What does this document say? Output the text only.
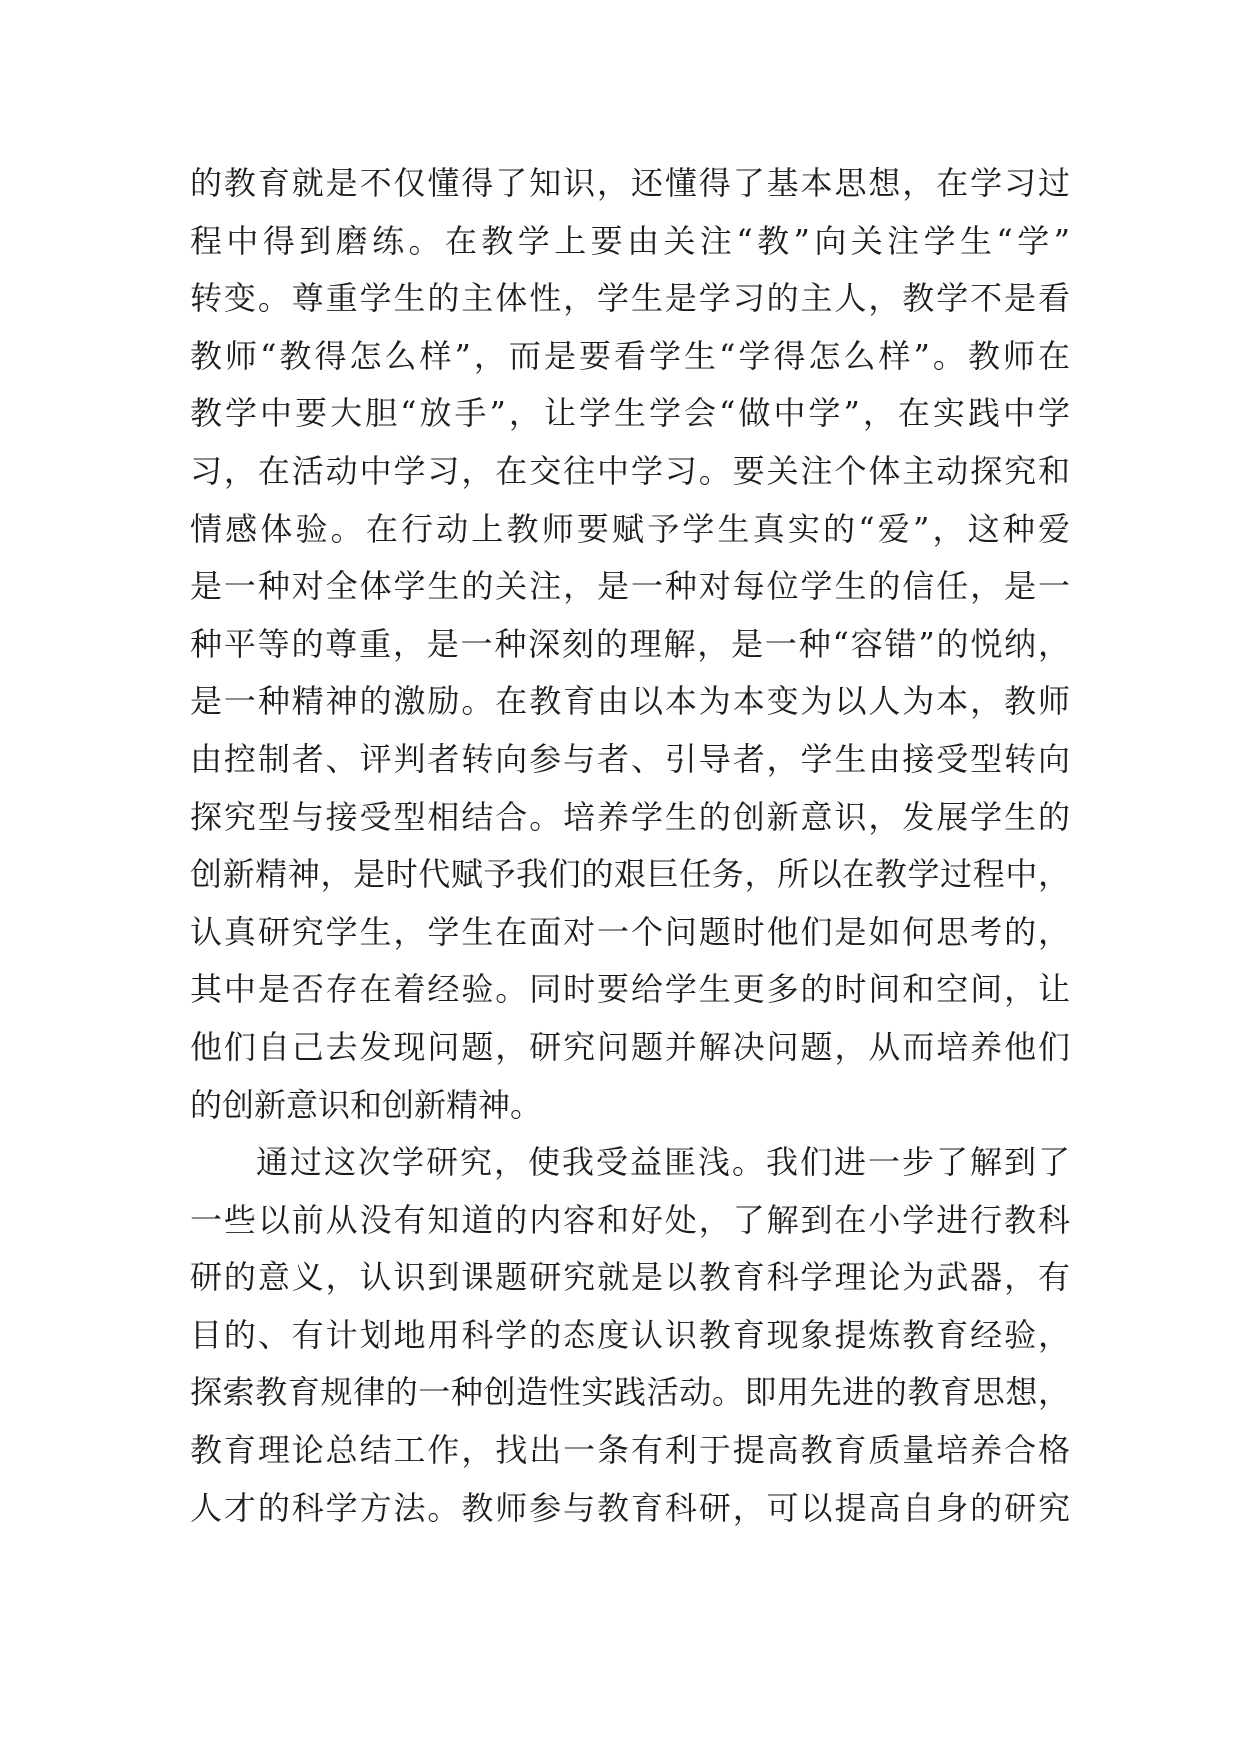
的教育就是不仅懂得了知识，还懂得了基本思想，在学习过
程中得到磨练。在教学上要由关注“教”向关注学生“学”
转变。尊重学生的主体性，学生是学习的主人，教学不是看
教师“教得怎么样”，而是要看学生“学得怎么样”。教师在
教学中要大胆“放手”，让学生学会“做中学”，在实践中学
习，在活动中学习，在交往中学习。要关注个体主动探究和
情感体验。在行动上教师要赋予学生真实的“爱”，这种爱
是一种对全体学生的关注，是一种对每位学生的信任，是一
种平等的尊重，是一种深刻的理解，是一种“容错”的悦纳，
是一种精神的激励。在教育由以本为本变为以人为本，教师
由控制者、评判者转向参与者、引导者，学生由接受型转向
探究型与接受型相结合。培养学生的创新意识，发展学生的
创新精神，是时代赋予我们的艰巨任务，所以在教学过程中，
认真研究学生，学生在面对一个问题时他们是如何思考的，
其中是否存在着经验。同时要给学生更多的时间和空间，让
他们自己去发现问题，研究问题并解决问题，从而培养他们
的创新意识和创新精神。
通过这次学研究，使我受益匪浅。我们进一步了解到了
一些以前从没有知道的内容和好处，了解到在小学进行教科
研的意义，认识到课题研究就是以教育科学理论为武器，有
目的、有计划地用科学的态度认识教育现象提炼教育经验，
探索教育规律的一种创造性实践活动。即用先进的教育思想，
教育理论总结工作，找出一条有利于提高教育质量培养合格
人才的科学方法。教师参与教育科研，可以提高自身的研究
